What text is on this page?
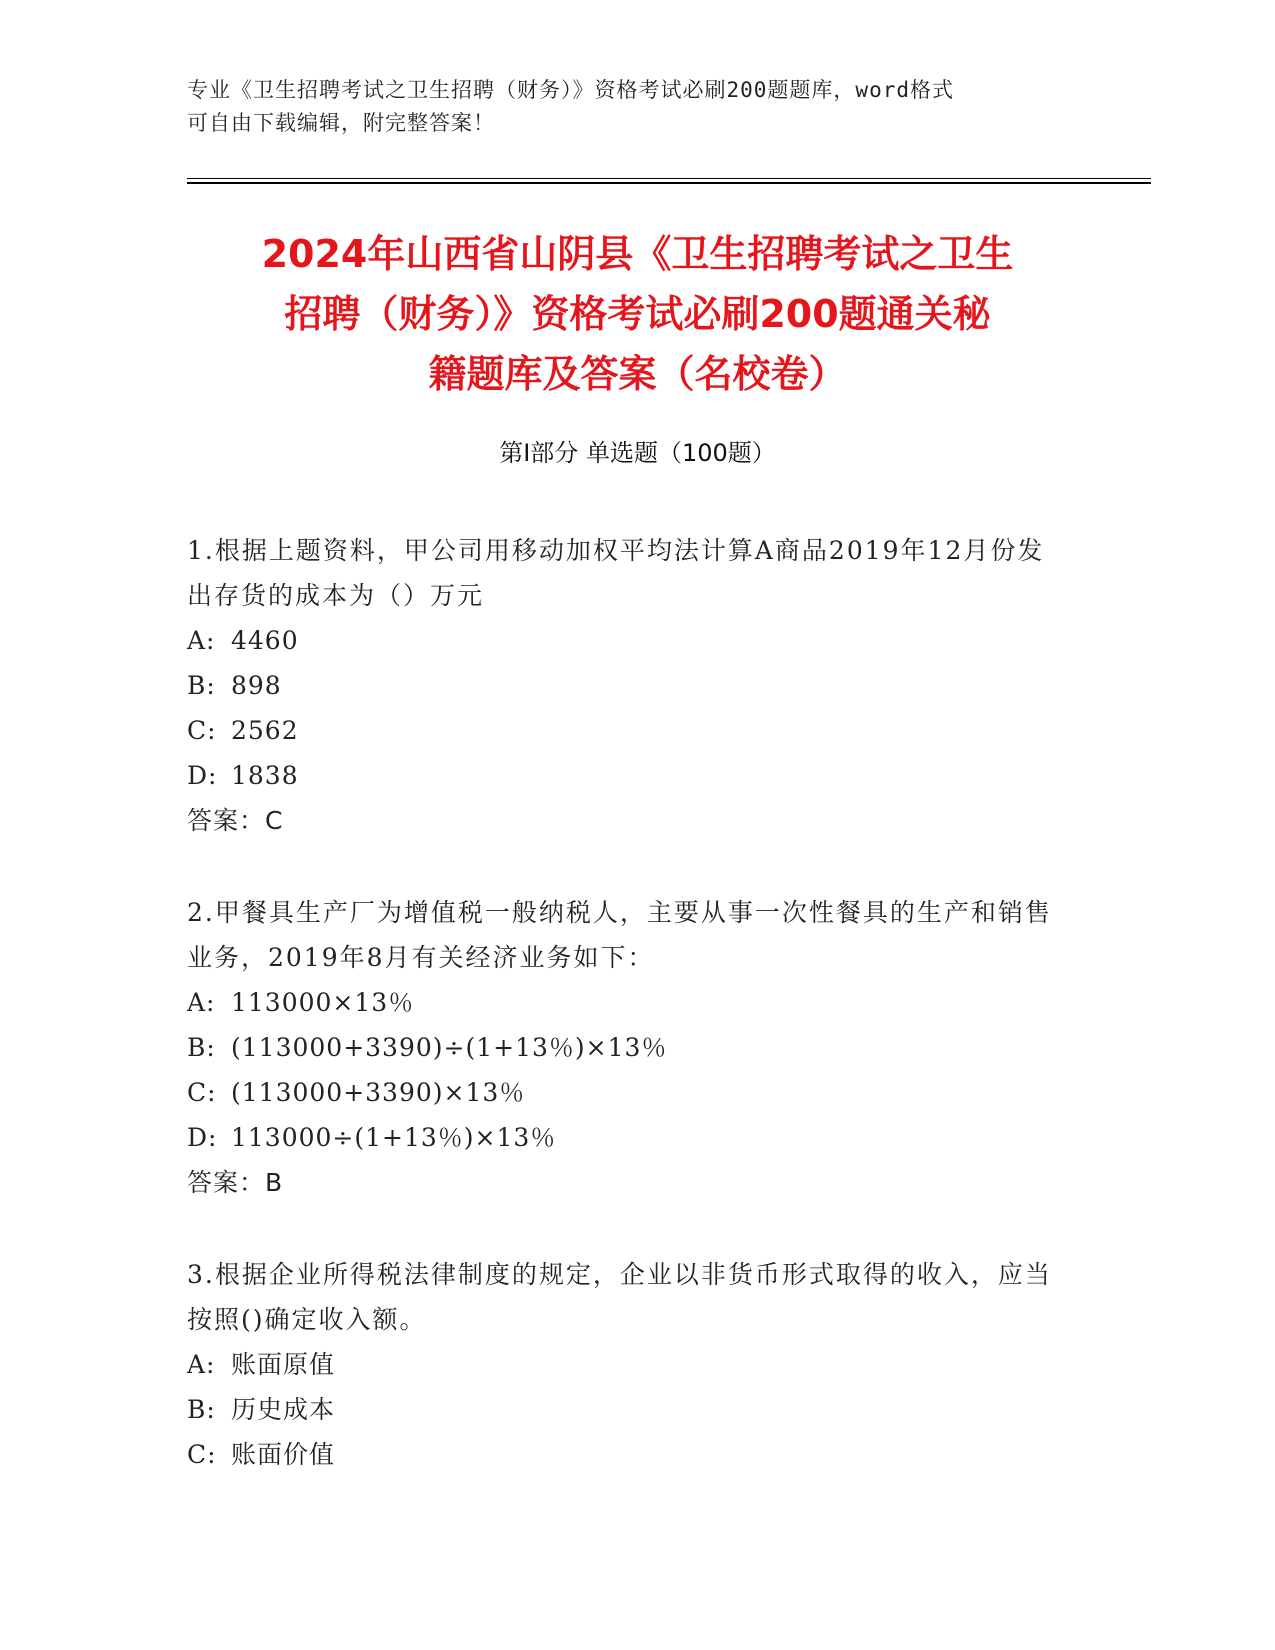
专业《卫生招聘考试之卫生招聘（财务）》资格考试必刷200题题库，word格式
可自由下载编辑，附完整答案！
2024年山西省山阴县《卫生招聘考试之卫生
招聘（财务）》资格考试必刷200题通关秘
籍题库及答案（名校卷）
第Ⅰ部分 单选题（100题）
1.根据上题资料，甲公司用移动加权平均法计算A商品2019年12月份发出存货的成本为（）万元
A: 4460
B: 898
C: 2562
D: 1838
答案：C
2.甲餐具生产厂为增值税一般纳税人，主要从事一次性餐具的生产和销售业务，2019年8月有关经济业务如下：
A: 113000×13％
B: (113000+3390)÷(1+13％)×13％
C: (113000+3390)×13％
D: 113000÷(1+13％)×13％
答案：B
3.根据企业所得税法律制度的规定，企业以非货币形式取得的收入，应当按照()确定收入额。
A: 账面原值
B: 历史成本
C: 账面价值
